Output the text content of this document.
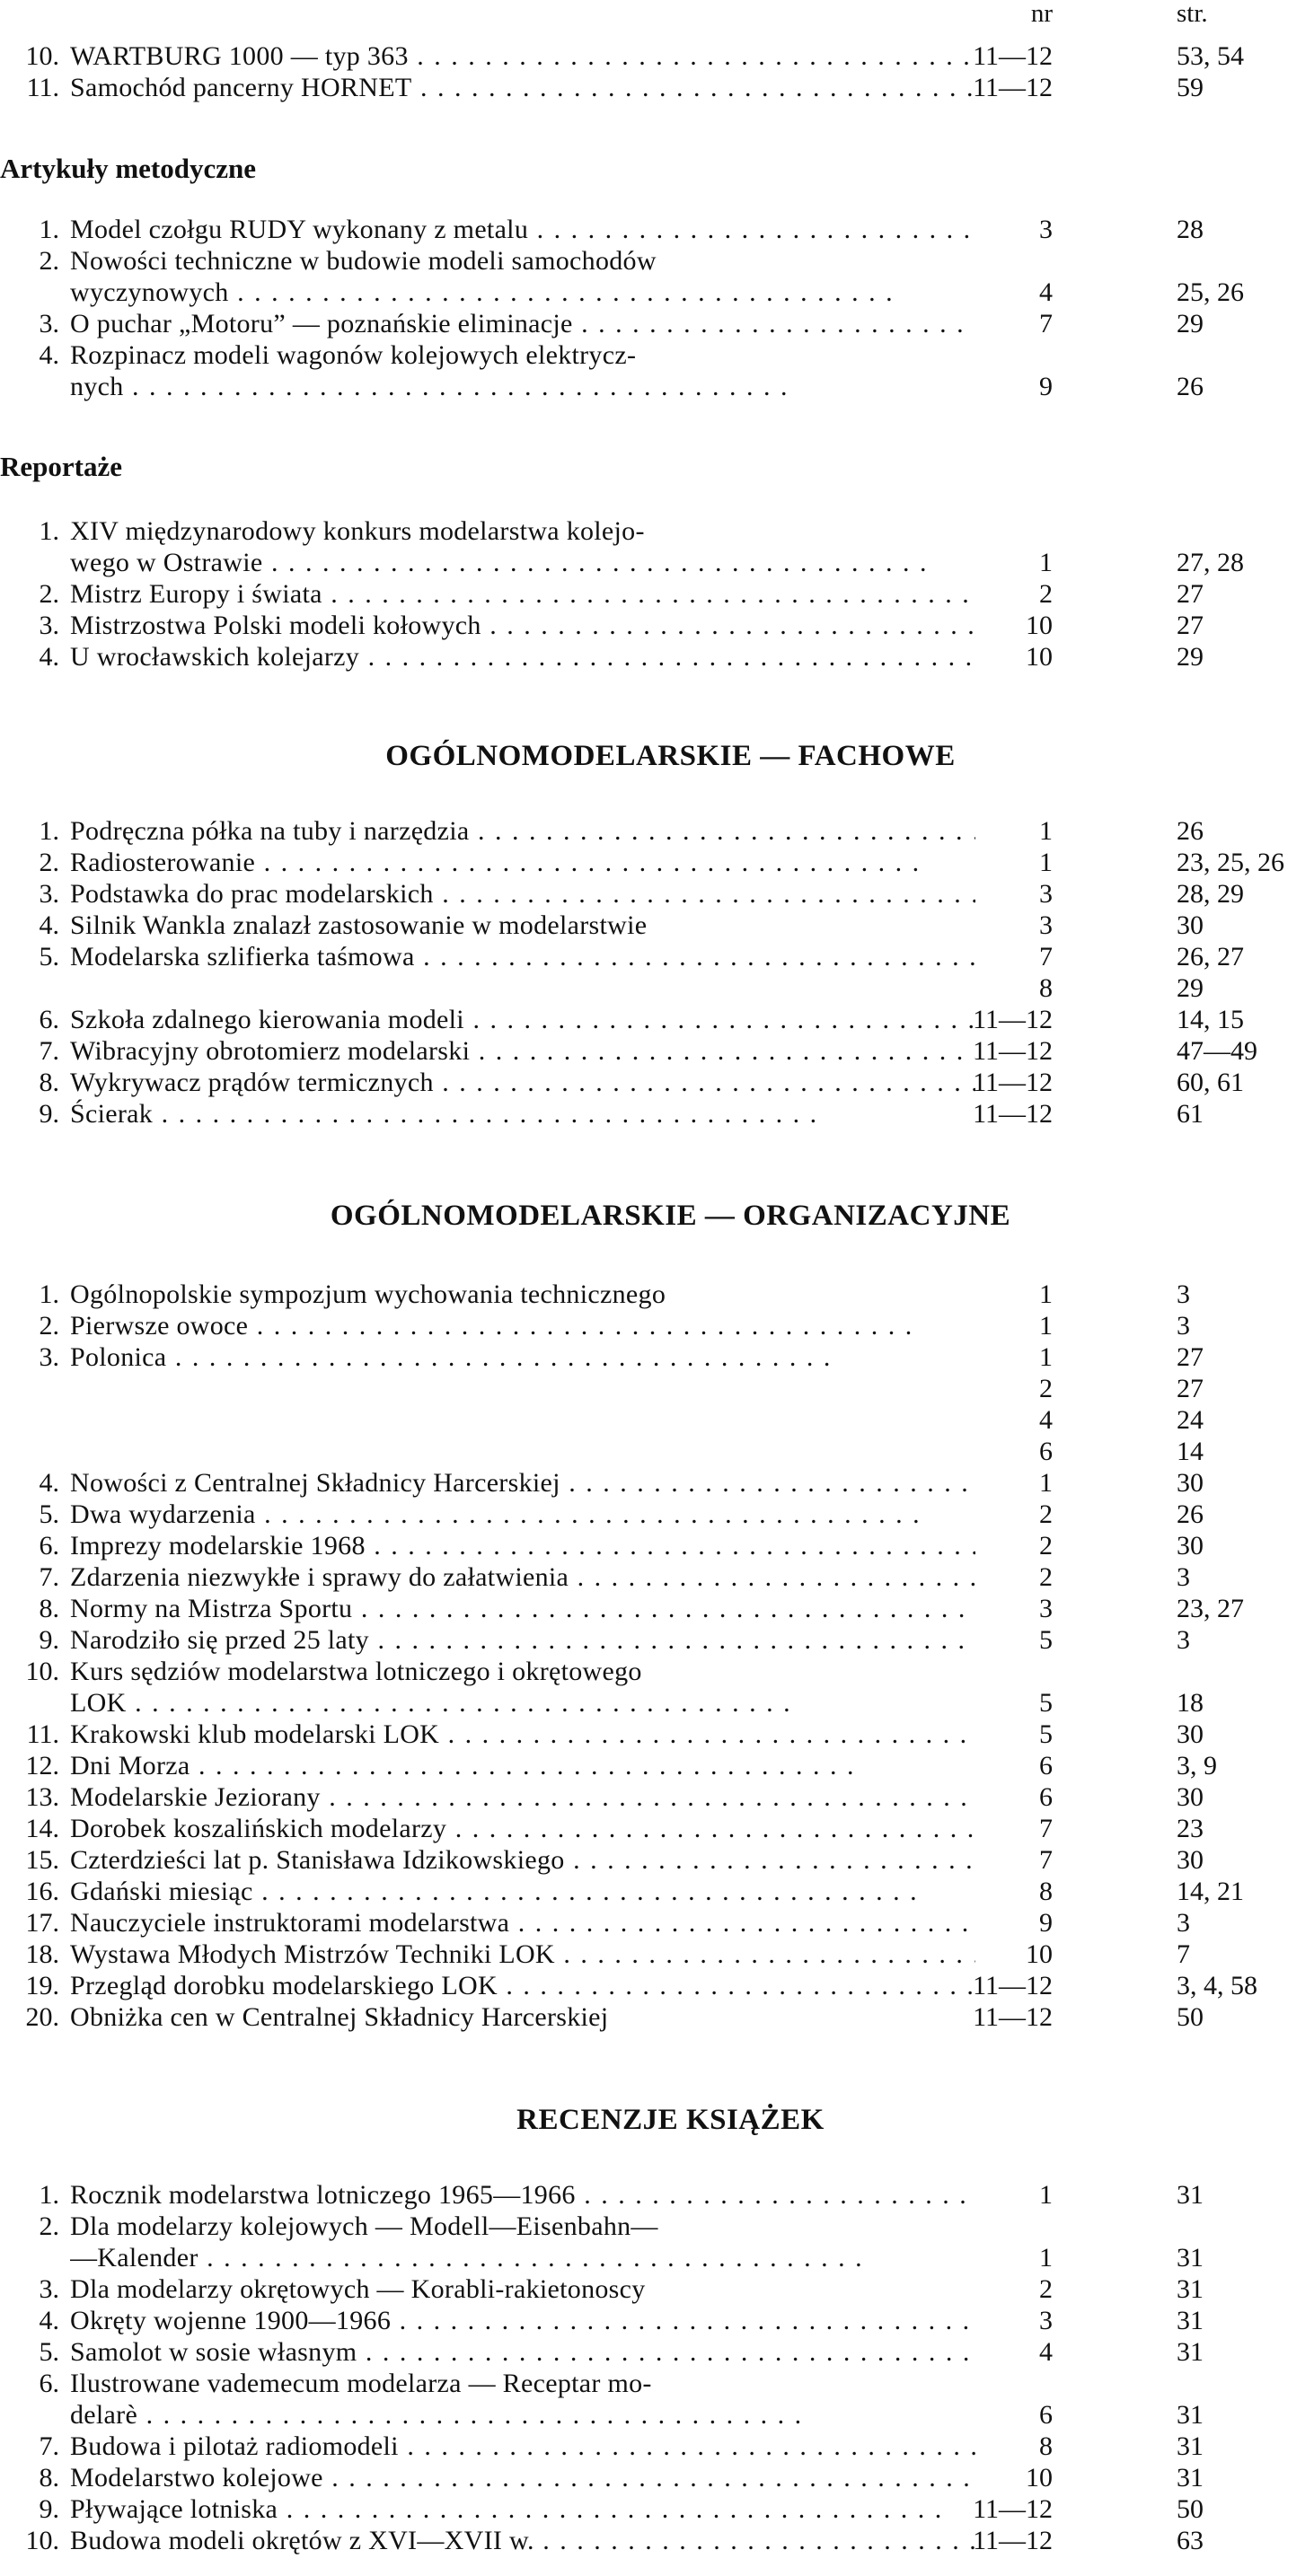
nr	str.
10. WARTBURG 1000 — typ 363 . .	11—12	53, 54
11. Samochód pancerny HORNET . .	11—12	59
Artykuły metodyczne
1. Model czołgu RUDY wykonany z metalu . .	3	28
2. Nowości techniczne w budowie modeli samochodów
wyczynowych . .	4	25, 26
3. O puchar „Motoru” — poznańskie eliminacje . .	7	29
4. Rozpinacz modeli wagonów kolejowych elektrycz-
nych . .	9	26
Reportaże
1. XIV międzynarodowy konkurs modelarstwa kolejo-
wego w Ostrawie . .	1	27, 28
2. Mistrz Europy i świata . .	2	27
3. Mistrzostwa Polski modeli kołowych . .	10	27
4. U wrocławskich kolejarzy . .	10	29
OGÓLNOMODELARSKIE — FACHOWE
1. Podręczna półka na tuby i narzędzia . .	1	26
2. Radiosterowanie . .	1	23, 25, 26
3. Podstawka do prac modelarskich . .	3	28, 29
4. Silnik Wankla znalazł zastosowanie w modelarstwie	3	30
5. Modelarska szlifierka taśmowa . .	7	26, 27
8	29
6. Szkoła zdalnego kierowania modeli . .	11—12	14, 15
7. Wibracyjny obrotomierz modelarski . .	11—12	47—49
8. Wykrywacz prądów termicznych . .	11—12	60, 61
9. Ścierak . .	11—12	61
OGÓLNOMODELARSKIE — ORGANIZACYJNE
1. Ogólnopolskie sympozjum wychowania technicznego	1	3
2. Pierwsze owoce . .	1	3
3. Polonica . .	1	27
2	27
4	24
6	14
4. Nowości z Centralnej Składnicy Harcerskiej . .	1	30
5. Dwa wydarzenia . .	2	26
6. Imprezy modelarskie 1968 . .	2	30
7. Zdarzenia niezwykłe i sprawy do załatwienia . .	2	3
8. Normy na Mistrza Sportu . .	3	23, 27
9. Narodziło się przed 25 laty . .	5	3
10. Kurs sędziów modelarstwa lotniczego i okrętowego
LOK . .	5	18
11. Krakowski klub modelarski LOK . .	5	30
12. Dni Morza . .	6	3, 9
13. Modelarskie Jeziorany . .	6	30
14. Dorobek koszalińskich modelarzy . .	7	23
15. Czterdzieści lat p. Stanisława Idzikowskiego . .	7	30
16. Gdański miesiąc . .	8	14, 21
17. Nauczyciele instruktorami modelarstwa . .	9	3
18. Wystawa Młodych Mistrzów Techniki LOK . .	10	7
19. Przegląd dorobku modelarskiego LOK . .	11—12	3, 4, 58
20. Obniżka cen w Centralnej Składnicy Harcerskiej	11—12	50
RECENZJE KSIĄŻEK
1. Rocznik modelarstwa lotniczego 1965—1966 . .	1	31
2. Dla modelarzy kolejowych — Modell—Eisenbahn—
—Kalender . .	1	31
3. Dla modelarzy okrętowych — Korabli-rakietonoscy	2	31
4. Okręty wojenne 1900—1966 . .	3	31
5. Samolot w sosie własnym . .	4	31
6. Ilustrowane vademecum modelarza — Receptar mo-
delarè . .	6	31
7. Budowa i pilotaż radiomodeli . .	8	31
8. Modelarstwo kolejowe . .	10	31
9. Pływające lotniska . .	11—12	50
10. Budowa modeli okrętów z XVI—XVII w. . .	11—12	63
